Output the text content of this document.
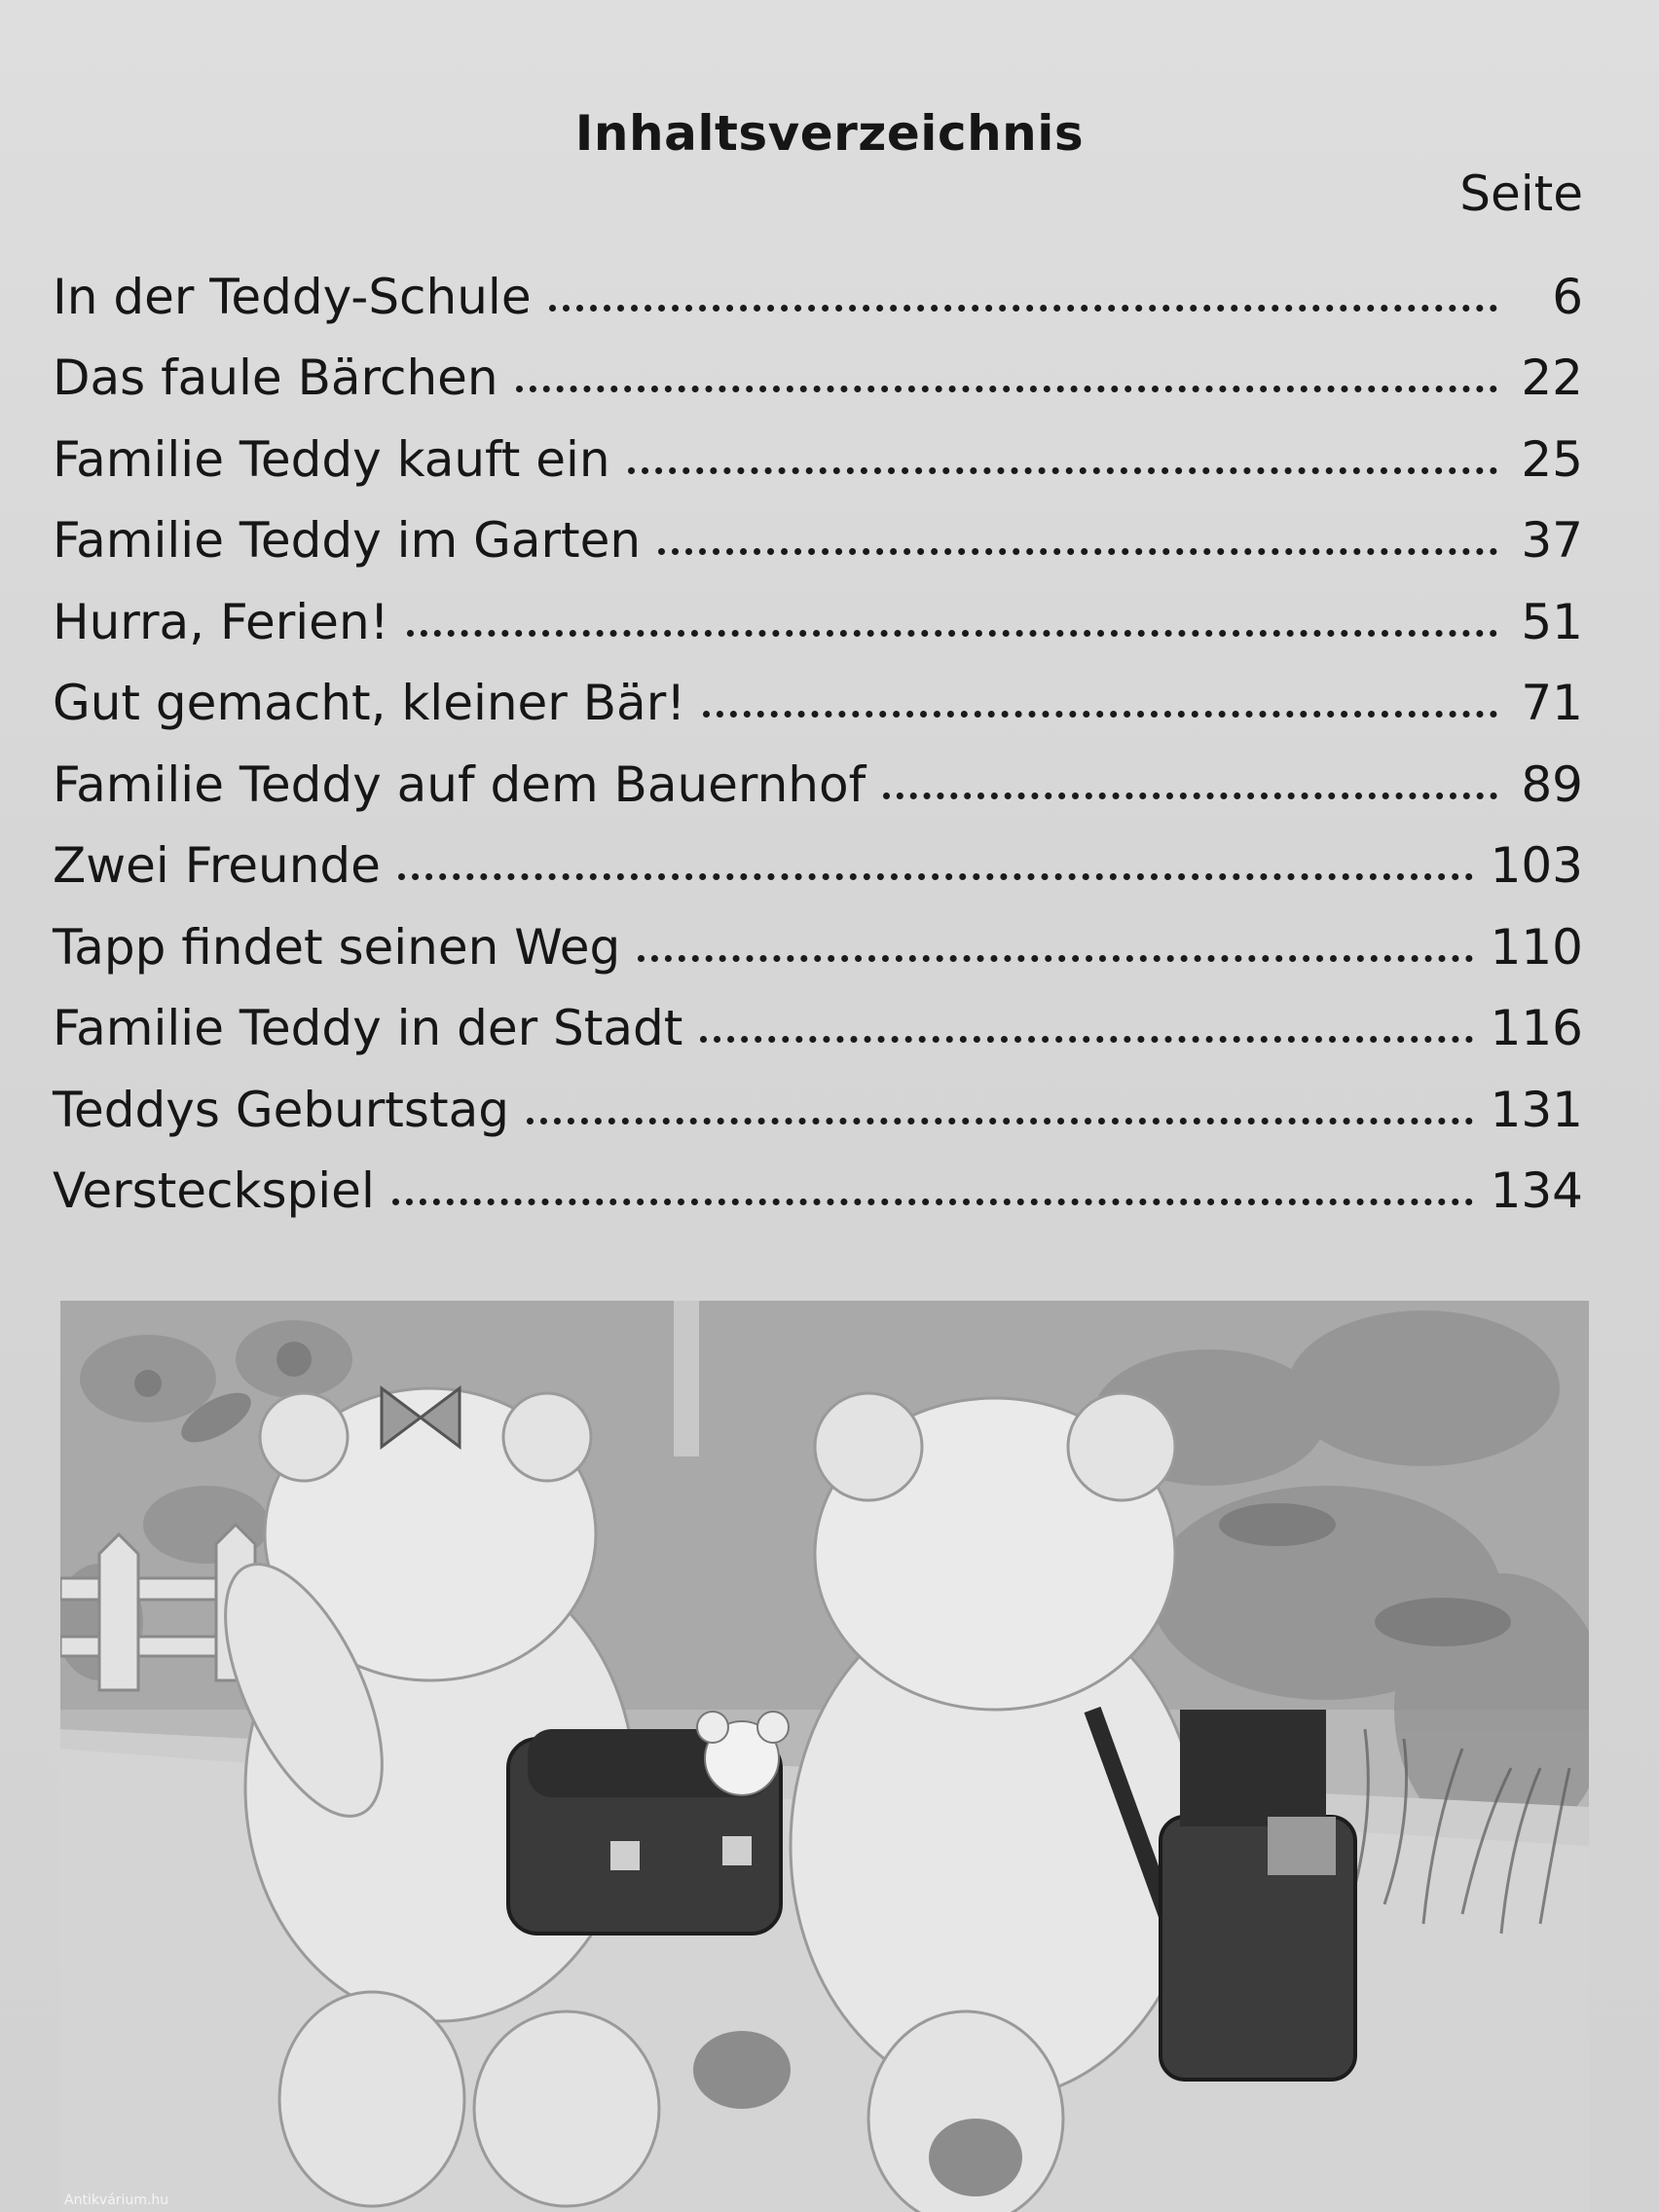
Inhaltsverzeichnis
Seite
In der Teddy-Schule	6
Das faule Bärchen	22
Familie Teddy kauft ein	25
Familie Teddy im Garten	37
Hurra, Ferien!	51
Gut gemacht, kleiner Bär!	71
Familie Teddy auf dem Bauernhof	89
Zwei Freunde	103
Tapp findet seinen Weg	110
Familie Teddy in der Stadt	116
Teddys Geburtstag	131
Versteckspiel	134
Antikvárium.hu
